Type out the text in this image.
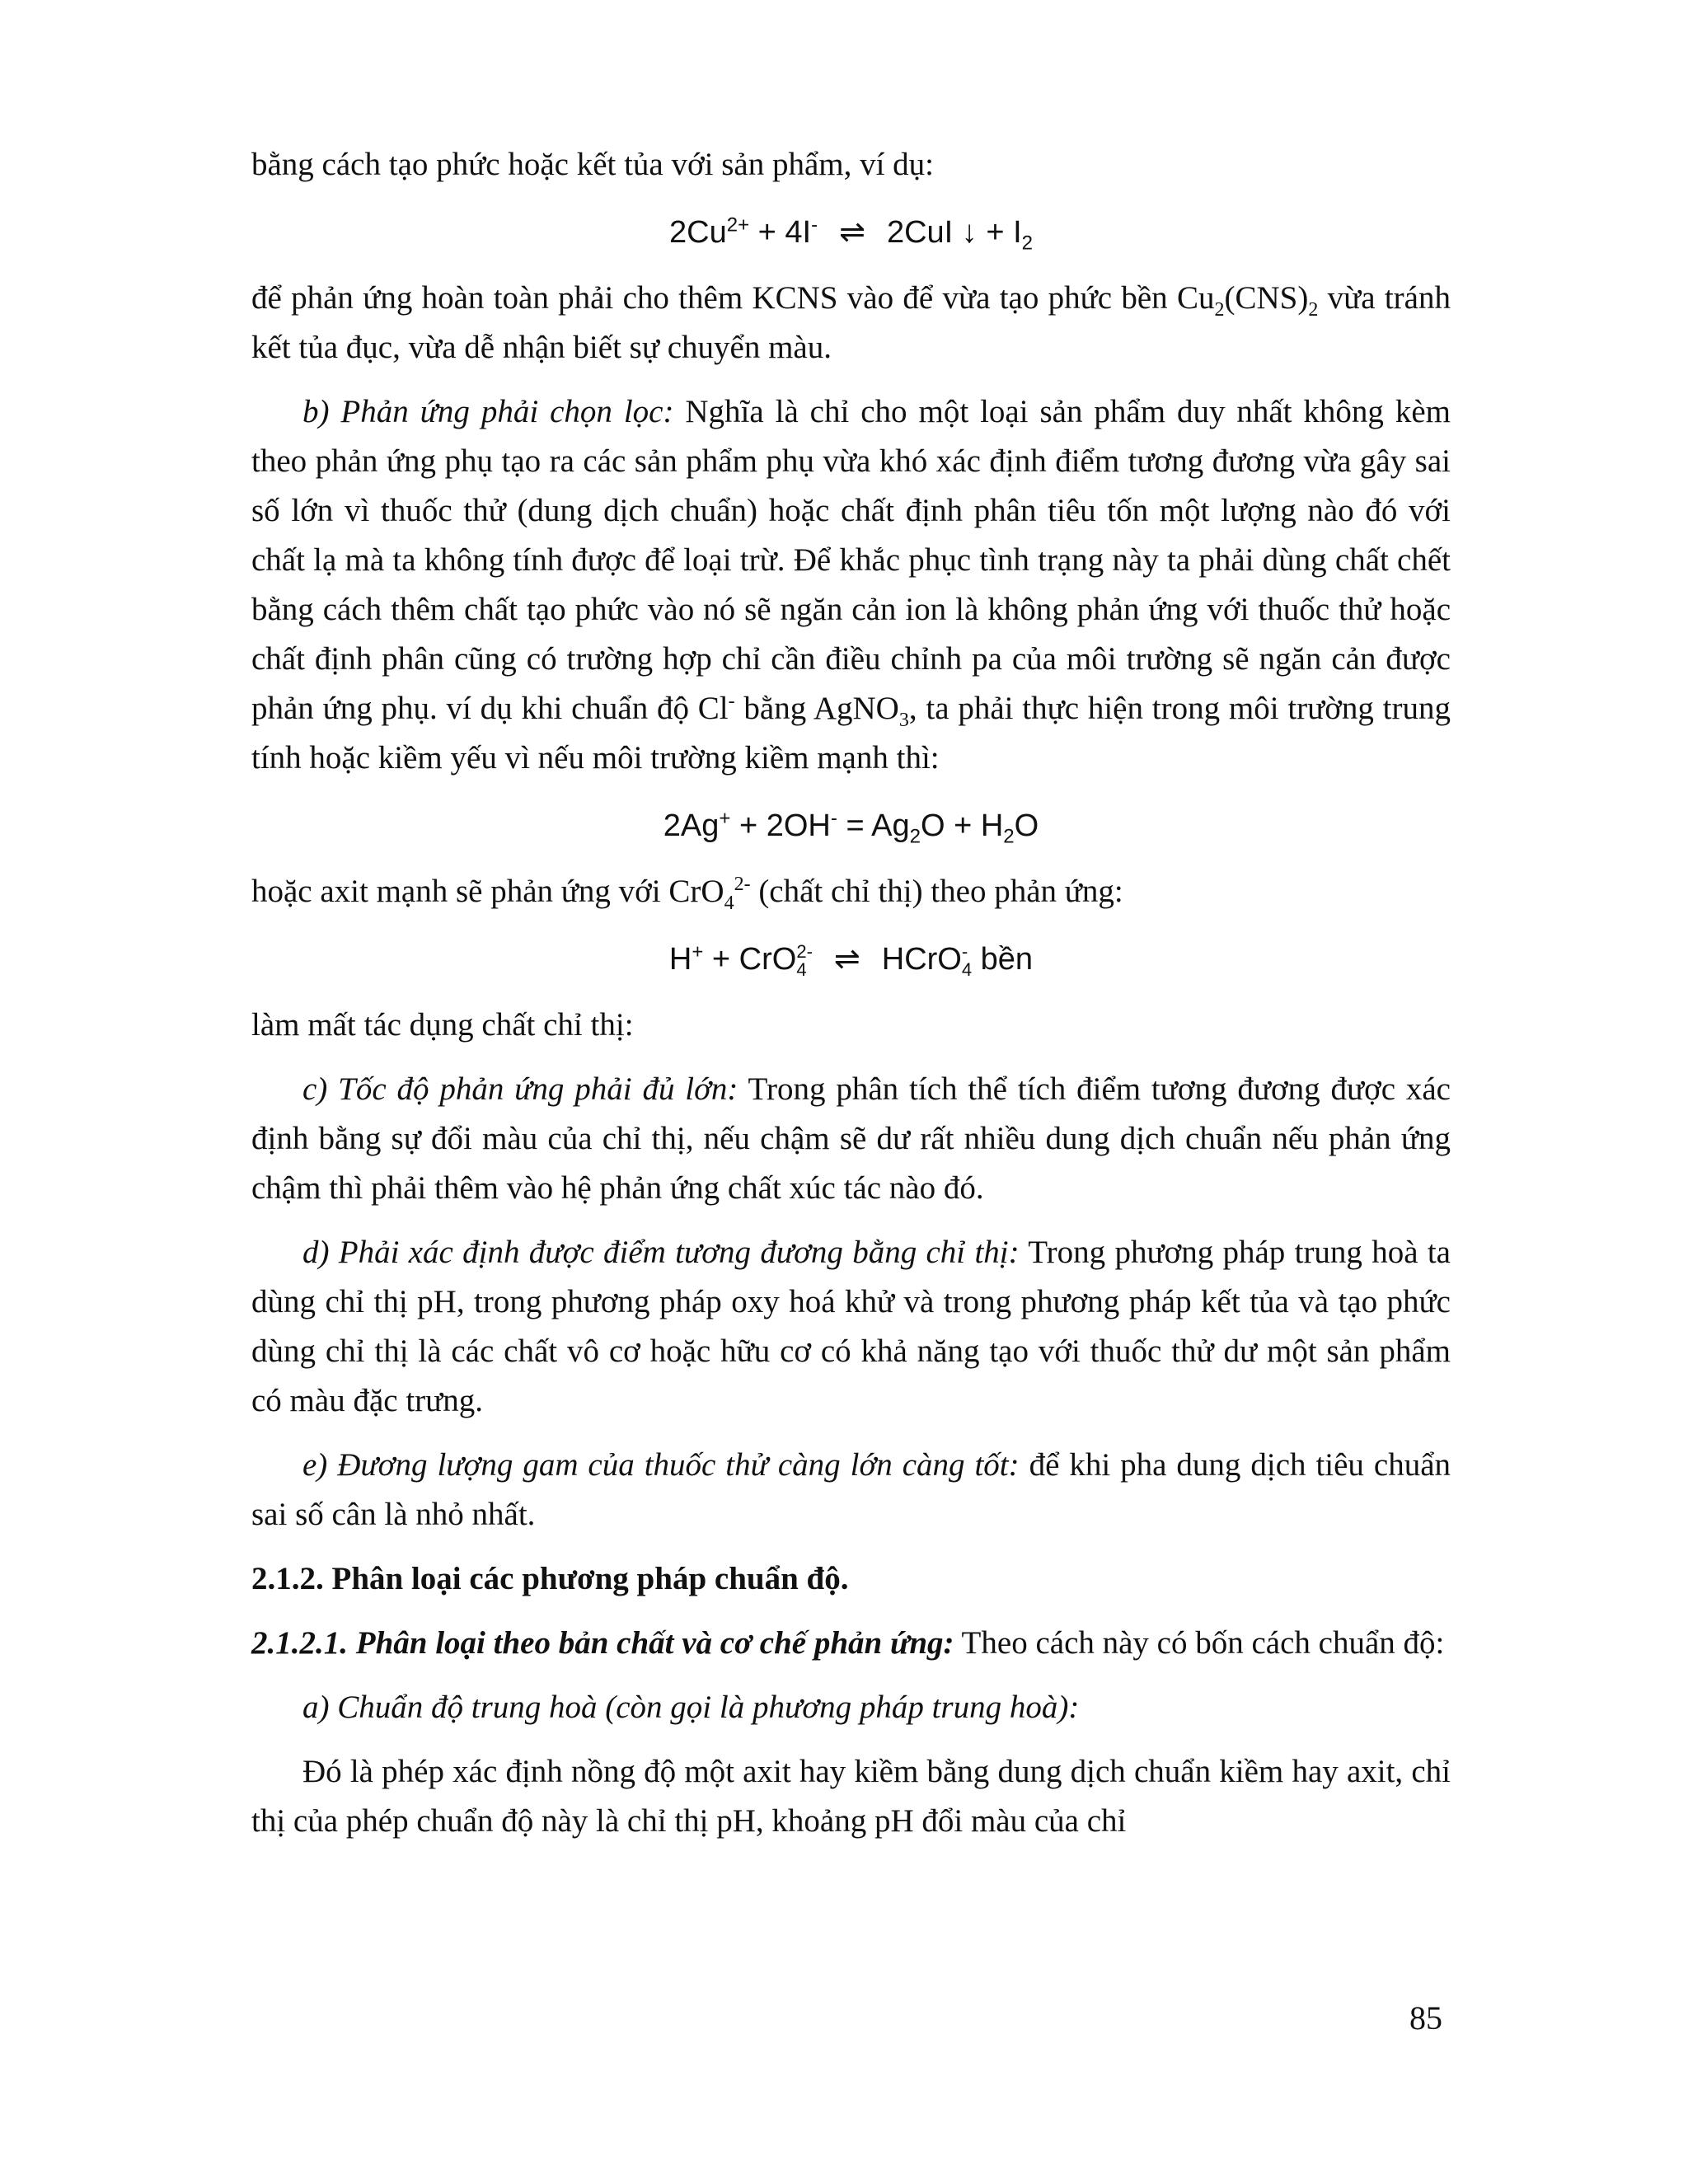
bằng cách tạo phức hoặc kết tủa với sản phẩm, ví dụ:

$2Cu^{2+} + 4I^-$ ⇌ 2CuI ↓ + $I_2$

để phản ứng hoàn toàn phải cho thêm KCNS vào để vừa tạo phức bền $Cu_2(CNS)_2$ vừa tránh kết tủa đục, vừa dễ nhận biết sự chuyển màu.

b) Phản ứng phải chọn lọc: Nghĩa là chỉ cho một loại sản phẩm duy nhất không kèm theo phản ứng phụ tạo ra các sản phẩm phụ vừa khó xác định điểm tương đương vừa gây sai số lớn vì thuốc thử (dung dịch chuẩn) hoặc chất định phân tiêu tốn một lượng nào đó với chất lạ mà ta không tính được để loại trừ. Để khắc phục tình trạng này ta phải dùng chất chết bằng cách thêm chất tạo phức vào nó sẽ ngăn cản ion là không phản ứng với thuốc thử hoặc chất định phân cũng có trường hợp chỉ cần điều chỉnh pa của môi trường sẽ ngăn cản được phản ứng phụ. ví dụ khi chuẩn độ Cl- bằng AgNO$_3$, ta phải thực hiện trong môi trường trung tính hoặc kiềm yếu vì nếu môi trường kiềm mạnh thì:

$2Ag^+ + 2OH^- = Ag_2O + H_2O$

hoặc axit mạnh sẽ phản ứng với CrO$_4^{2-}$ (chất chỉ thị) theo phản ứng:

H+ + CrO 2-
4 ⇌ HCrO -
4 bền

làm mất tác dụng chất chỉ thị:

c) Tốc độ phản ứng phải đủ lớn: Trong phân tích thể tích điểm tương đương được xác định bằng sự đổi màu của chỉ thị, nếu chậm sẽ dư rất nhiều dung dịch chuẩn nếu phản ứng chậm thì phải thêm vào hệ phản ứng chất xúc tác nào đó.

d) Phải xác định được điểm tương đương bằng chỉ thị: Trong phương pháp trung hoà ta dùng chỉ thị pH, trong phương pháp oxy hoá khử và trong phương pháp kết tủa và tạo phức dùng chỉ thị là các chất vô cơ hoặc hữu cơ có khả năng tạo với thuốc thử dư một sản phẩm có màu đặc trưng.

e) Đương lượng gam của thuốc thử càng lớn càng tốt: để khi pha dung dịch tiêu chuẩn sai số cân là nhỏ nhất.

2.1.2. Phân loại các phương pháp chuẩn độ.

2.1.2.1. Phân loại theo bản chất và cơ chế phản ứng: Theo cách này có bốn cách chuẩn độ:

a) Chuẩn độ trung hoà (còn gọi là phương pháp trung hoà):

Đó là phép xác định nồng độ một axit hay kiềm bằng dung dịch chuẩn kiềm hay axit, chỉ thị của phép chuẩn độ này là chỉ thị pH, khoảng pH đổi màu của chỉ

85
